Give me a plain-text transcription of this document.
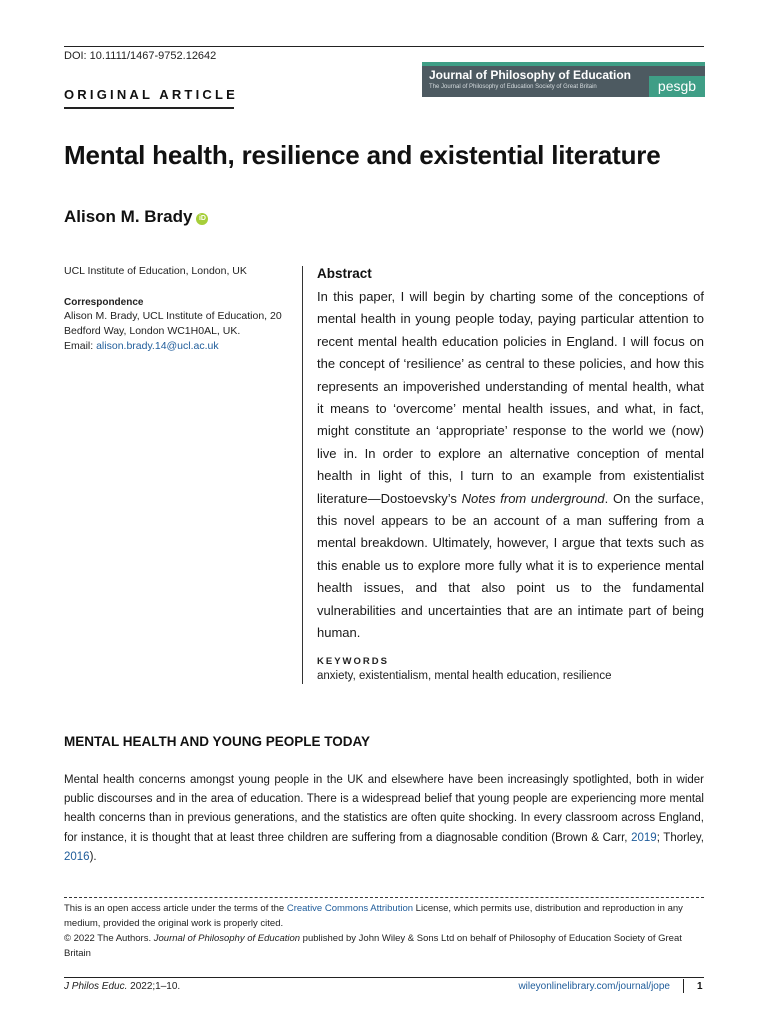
DOI: 10.1111/1467-9752.12642
ORIGINAL ARTICLE
Journal of Philosophy of Education
The Journal of Philosophy of Education Society of Great Britain	pesgb
Mental health, resilience and existential literature
Alison M. Brady iD
UCL Institute of Education, London, UK
Correspondence
Alison M. Brady, UCL Institute of Education, 20
Bedford Way, London WC1H0AL, UK.
Email: alison.brady.14@ucl.ac.uk
Abstract
In this paper, I will begin by charting some of the conceptions of mental health in young people today, paying particular attention to recent mental health education policies in England. I will focus on the concept of ‘resilience’ as central to these policies, and how this represents an impoverished understanding of mental health, what it means to ‘overcome’ mental health issues, and what, in fact, might constitute an ‘appropriate’ response to the world we (now) live in. In order to explore an alternative conception of mental health in light of this, I turn to an example from existentialist literature—Dostoevsky’s Notes from underground. On the surface, this novel appears to be an account of a man suffering from a mental breakdown. Ultimately, however, I argue that texts such as this enable us to explore more fully what it is to experience mental health issues, and that also point us to the fundamental vulnerabilities and uncertainties that are an intimate part of being human.
KEYWORDS
anxiety, existentialism, mental health education, resilience
MENTAL HEALTH AND YOUNG PEOPLE TODAY
Mental health concerns amongst young people in the UK and elsewhere have been increasingly spotlighted, both in wider public discourses and in the area of education. There is a widespread belief that young people are experiencing more mental health concerns than in previous generations, and the statistics are often quite shocking. In every classroom across England, for instance, it is thought that at least three children are suffering from a diagnosable condition (Brown & Carr, 2019; Thorley, 2016).
This is an open access article under the terms of the Creative Commons Attribution License, which permits use, distribution and reproduction in any medium, provided the original work is properly cited.
© 2022 The Authors. Journal of Philosophy of Education published by John Wiley & Sons Ltd on behalf of Philosophy of Education Society of Great Britain
J Philos Educ. 2022;1–10.	wileyonlinelibrary.com/journal/jope	1
